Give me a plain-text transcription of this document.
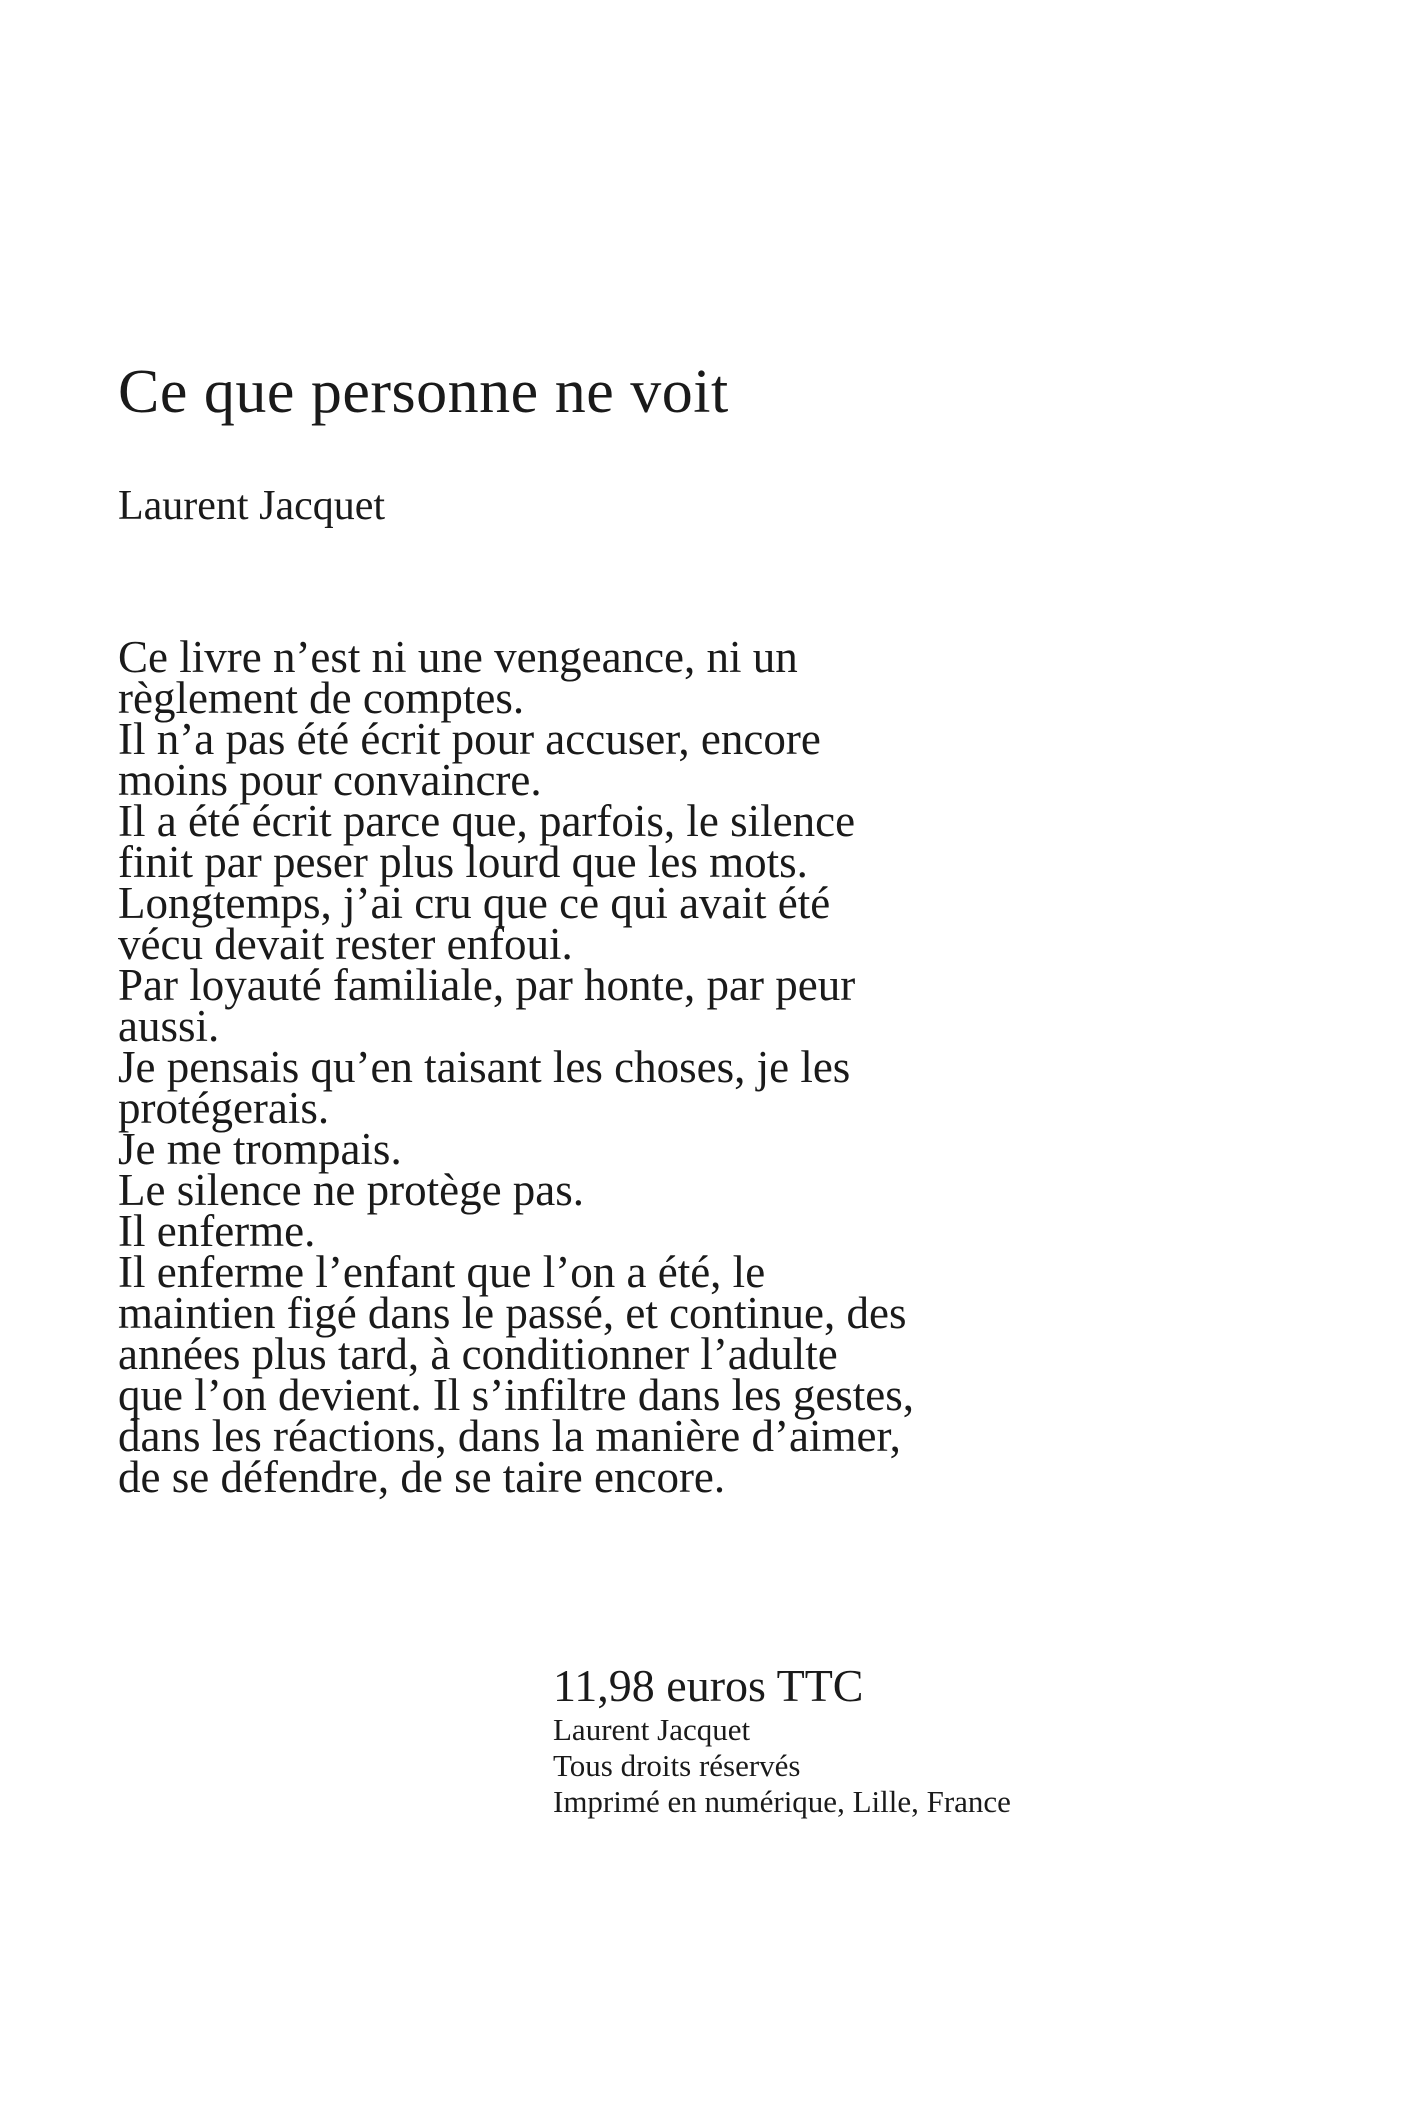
Ce que personne ne voit
Laurent Jacquet
Ce livre n’est ni une vengeance, ni un
règlement de comptes.
Il n’a pas été écrit pour accuser, encore
moins pour convaincre.
Il a été écrit parce que, parfois, le silence
finit par peser plus lourd que les mots.
Longtemps, j’ai cru que ce qui avait été
vécu devait rester enfoui.
Par loyauté familiale, par honte, par peur
aussi.
Je pensais qu’en taisant les choses, je les
protégerais.
Je me trompais.
Le silence ne protège pas.
Il enferme.
Il enferme l’enfant que l’on a été, le
maintien figé dans le passé, et continue, des
années plus tard, à conditionner l’adulte
que l’on devient. Il s’infiltre dans les gestes,
dans les réactions, dans la manière d’aimer,
de se défendre, de se taire encore.
11,98 euros TTC
Laurent Jacquet
Tous droits réservés
Imprimé en numérique, Lille, France
